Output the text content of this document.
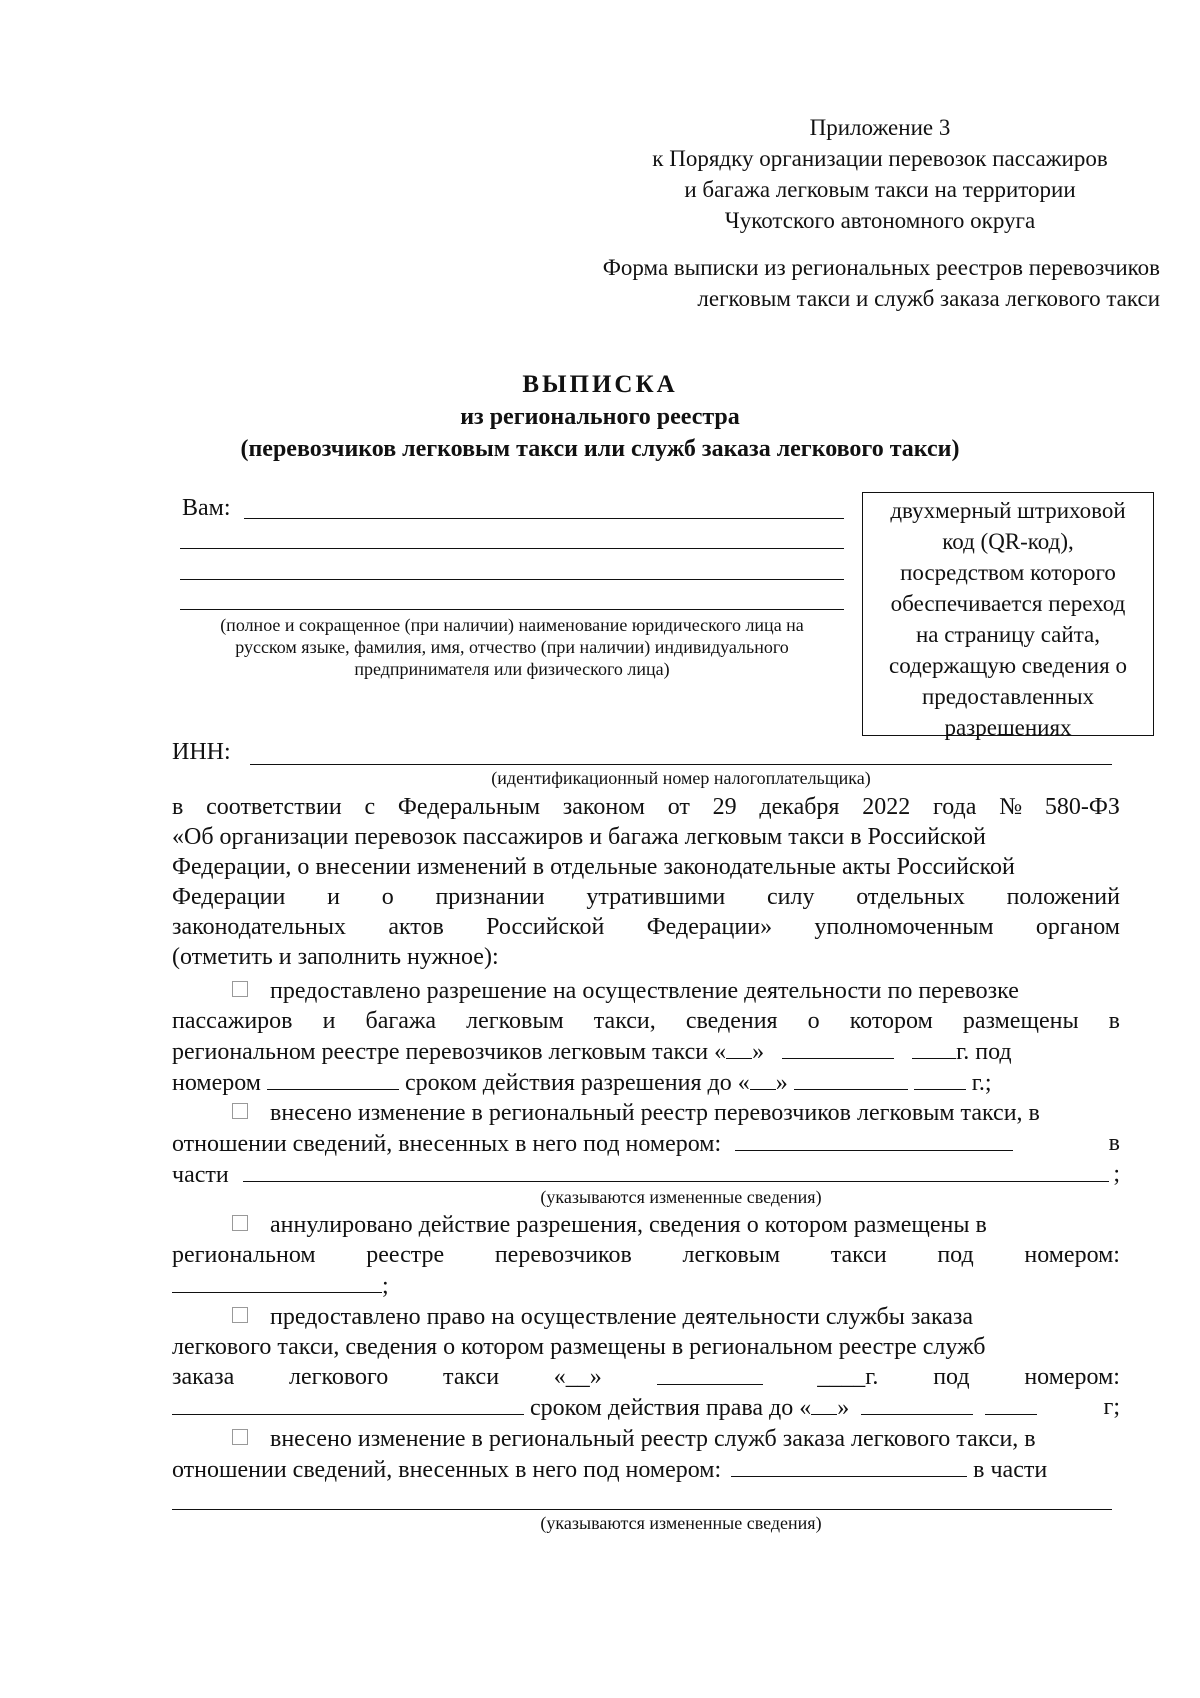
Приложение 3
к Порядку организации перевозок пассажиров
и багажа легковым такси на территории
Чукотского автономного округа
Форма выписки из региональных реестров перевозчиков
легковым такси и служб заказа легкового такси
ВЫПИСКА
из регионального реестра
(перевозчиков легковым такси или служб заказа легкового такси)
Вам:
(полное и сокращенное (при наличии) наименование юридического лица на
русском языке, фамилия, имя, отчество (при наличии) индивидуального
предпринимателя или физического лица)
двухмерный штриховой
код (QR-код),
посредством которого
обеспечивается переход
на страницу сайта,
содержащую сведения о
предоставленных
разрешениях
ИНН:
(идентификационный номер налогоплательщика)
в соответствии с Федеральным законом от 29 декабря 2022 года № 580-ФЗ
«Об организации перевозок пассажиров и багажа легковым такси в Российской
Федерации, о внесении изменений в отдельные законодательные акты Российской
Федерации и о признании утратившими силу отдельных положений
законодательных актов Российской Федерации» уполномоченным органом
(отметить и заполнить нужное):
предоставлено разрешение на осуществление деятельности по перевозке
пассажиров и багажа легковым такси, сведения о котором размещены в
региональном реестре перевозчиков легковым такси « »	г. под
номером	сроком действия разрешения до « »	г.;
внесено изменение в региональный реестр перевозчиков легковым такси, в
отношении сведений, внесенных в него под номером:	в
части	;
(указываются измененные сведения)
аннулировано действие разрешения, сведения о котором размещены в
региональном реестре перевозчиков легковым такси под номером:
;
предоставлено право на осуществление деятельности службы заказа
легкового такси, сведения о котором размещены в региональном реестре служб
заказа легкового такси «__»	____г. под номером:
сроком действия права до « »	г;
внесено изменение в региональный реестр служб заказа легкового такси, в
отношении сведений, внесенных в него под номером:	в части
(указываются измененные сведения)
